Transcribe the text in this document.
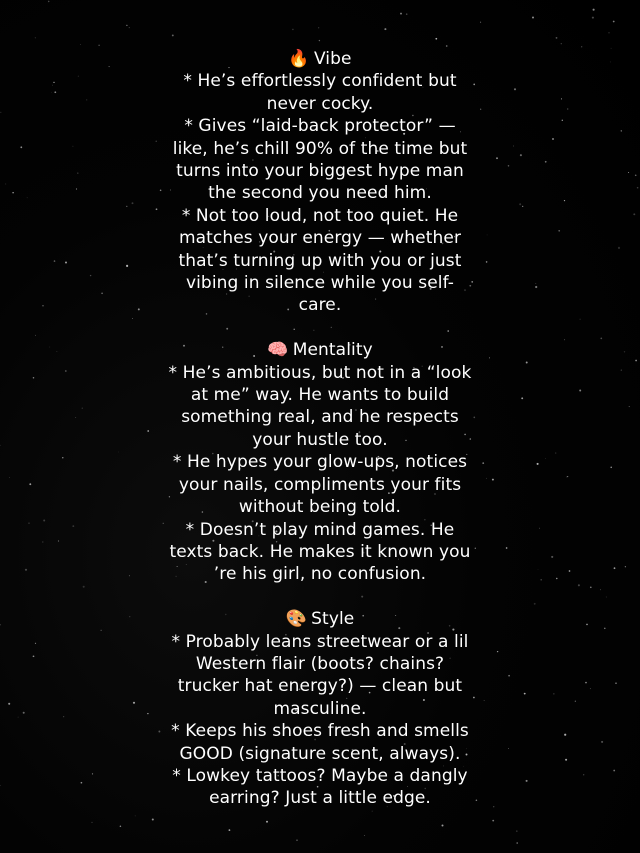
🔥 Vibe
* He’s effortlessly confident but
never cocky.
* Gives “laid-back protector” —
like, he’s chill 90% of the time but
turns into your biggest hype man
the second you need him.
* Not too loud, not too quiet. He
matches your energy — whether
that’s turning up with you or just
vibing in silence while you self-
care.
🧠 Mentality
* He’s ambitious, but not in a “look
at me” way. He wants to build
something real, and he respects
your hustle too.
* He hypes your glow-ups, notices
your nails, compliments your fits
without being told.
* Doesn’t play mind games. He
texts back. He makes it known you
’re his girl, no confusion.
🎨 Style
* Probably leans streetwear or a lil
Western flair (boots? chains?
trucker hat energy?) — clean but
masculine.
* Keeps his shoes fresh and smells
GOOD (signature scent, always).
* Lowkey tattoos? Maybe a dangly
earring? Just a little edge.
